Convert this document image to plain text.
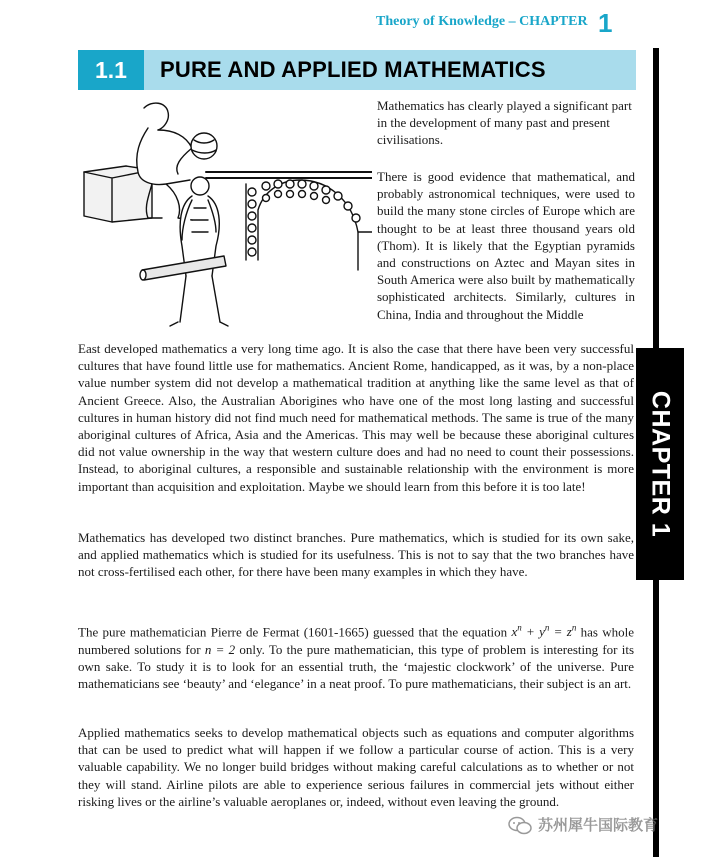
Theory of Knowledge – CHAPTER 1
CHAPTER 1
1.1	PURE AND APPLIED MATHEMATICS

Mathematics has clearly played a significant part in the development of many past and present civilisations.

There is good evidence that mathematical, and probably astronomical techniques, were used to build the many stone circles of Europe which are thought to be at least three thousand years old (Thom). It is likely that the Egyptian pyramids and constructions on Aztec and Mayan sites in South America were also built by mathematically sophisticated architects. Similarly, cultures in China, India and throughout the Middle

East developed mathematics a very long time ago. It is also the case that there have been very successful cultures that have found little use for mathematics. Ancient Rome, handicapped, as it was, by a non-place value number system did not develop a mathematical tradition at anything like the same level as that of Ancient Greece. Also, the Australian Aborigines who have one of the most long lasting and successful cultures in human history did not find much need for mathematical methods. The same is true of the many aboriginal cultures of Africa, Asia and the Americas. This may well be because these aboriginal cultures did not value ownership in the way that western culture does and had no need to count their possessions. Instead, to aboriginal cultures, a responsible and sustainable relationship with the environment is more important than acquisition and exploitation. Maybe we should learn from this before it is too late!

Mathematics has developed two distinct branches. Pure mathematics, which is studied for its own sake, and applied mathematics which is studied for its usefulness. This is not to say that the two branches have not cross-fertilised each other, for there have been many examples in which they have.

The pure mathematician Pierre de Fermat (1601-1665) guessed that the equation $x^n + y^n = z^n$ has whole numbered solutions for n = 2 only. To the pure mathematician, this type of problem is interesting for its own sake. To study it is to look for an essential truth, the ‘majestic clockwork’ of the universe. Pure mathematicians see ‘beauty’ and ‘elegance’ in a neat proof. To pure mathematicians, their subject is an art.

Applied mathematics seeks to develop mathematical objects such as equations and computer algorithms that can be used to predict what will happen if we follow a particular course of action. This is a very valuable capability. We no longer build bridges without making careful calculations as to whether or not they will stand. Airline pilots are able to experience serious failures in commercial jets without either risking lives or the airline’s valuable aeroplanes or, indeed, without even leaving the ground.

苏州犀牛国际教育
